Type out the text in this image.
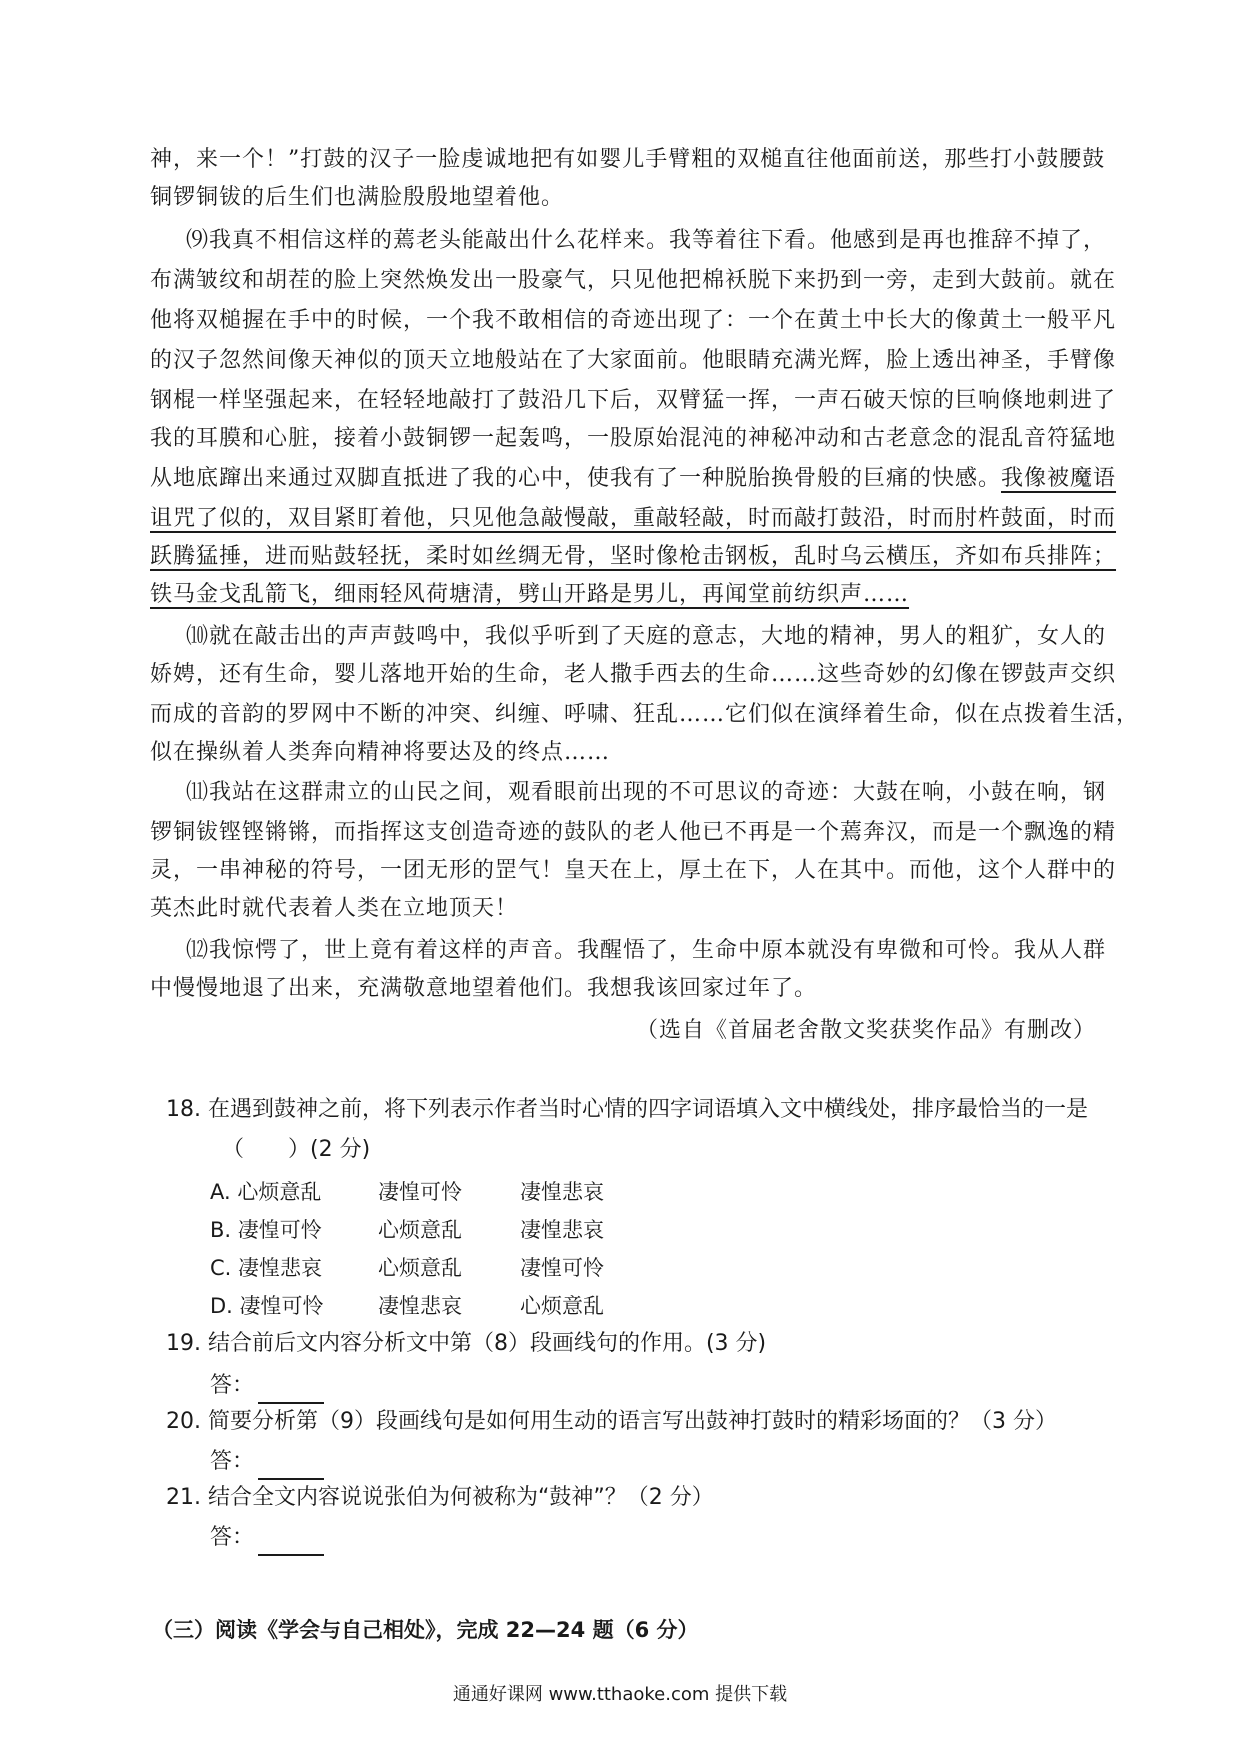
神，来一个！”打鼓的汉子一脸虔诚地把有如婴儿手臂粗的双槌直往他面前送，那些打小鼓腰鼓
铜锣铜钹的后生们也满脸殷殷地望着他。
⑼我真不相信这样的蔫老头能敲出什么花样来。我等着往下看。他感到是再也推辞不掉了，
布满皱纹和胡茬的脸上突然焕发出一股豪气，只见他把棉袄脱下来扔到一旁，走到大鼓前。就在
他将双槌握在手中的时候，一个我不敢相信的奇迹出现了：一个在黄土中长大的像黄土一般平凡
的汉子忽然间像天神似的顶天立地般站在了大家面前。他眼睛充满光辉，脸上透出神圣，手臂像
钢棍一样坚强起来，在轻轻地敲打了鼓沿几下后，双臂猛一挥，一声石破天惊的巨响倏地刺进了
我的耳膜和心脏，接着小鼓铜锣一起轰鸣，一股原始混沌的神秘冲动和古老意念的混乱音符猛地
从地底蹿出来通过双脚直抵进了我的心中，使我有了一种脱胎换骨般的巨痛的快感。我像被魔语
诅咒了似的，双目紧盯着他，只见他急敲慢敲，重敲轻敲，时而敲打鼓沿，时而肘杵鼓面，时而
跃腾猛捶，进而贴鼓轻抚，柔时如丝绸无骨，坚时像枪击钢板，乱时乌云横压，齐如布兵排阵；
铁马金戈乱箭飞，细雨轻风荷塘清，劈山开路是男儿，再闻堂前纺织声……
⑽就在敲击出的声声鼓鸣中，我似乎听到了天庭的意志，大地的精神，男人的粗犷，女人的
娇娉，还有生命，婴儿落地开始的生命，老人撒手西去的生命……这些奇妙的幻像在锣鼓声交织
而成的音韵的罗网中不断的冲突、纠缠、呼啸、狂乱……它们似在演绎着生命，似在点拨着生活，
似在操纵着人类奔向精神将要达及的终点……
⑾我站在这群肃立的山民之间，观看眼前出现的不可思议的奇迹：大鼓在响，小鼓在响，钢
锣铜钹铿铿锵锵，而指挥这支创造奇迹的鼓队的老人他已不再是一个蔫奔汉，而是一个飘逸的精
灵，一串神秘的符号，一团无形的罡气！皇天在上，厚土在下，人在其中。而他，这个人群中的
英杰此时就代表着人类在立地顶天！
⑿我惊愕了，世上竟有着这样的声音。我醒悟了，生命中原本就没有卑微和可怜。我从人群
中慢慢地退了出来，充满敬意地望着他们。我想我该回家过年了。
（选自《首届老舍散文奖获奖作品》有删改）
18. 在遇到鼓神之前，将下列表示作者当时心情的四字词语填入文中横线处，排序最恰当的一是
（　　）(2 分)
A. 心烦意乱	凄惶可怜	凄惶悲哀
B. 凄惶可怜	心烦意乱	凄惶悲哀
C. 凄惶悲哀	心烦意乱	凄惶可怜
D. 凄惶可怜	凄惶悲哀	心烦意乱
19. 结合前后文内容分析文中第（8）段画线句的作用。(3 分)
答：
20. 简要分析第（9）段画线句是如何用生动的语言写出鼓神打鼓时的精彩场面的？（3 分）
答：
21. 结合全文内容说说张伯为何被称为“鼓神”？（2 分）
答：
（三）阅读《学会与自己相处》，完成 22—24 题（6 分）
通通好课网 www.tthaoke.com 提供下载
